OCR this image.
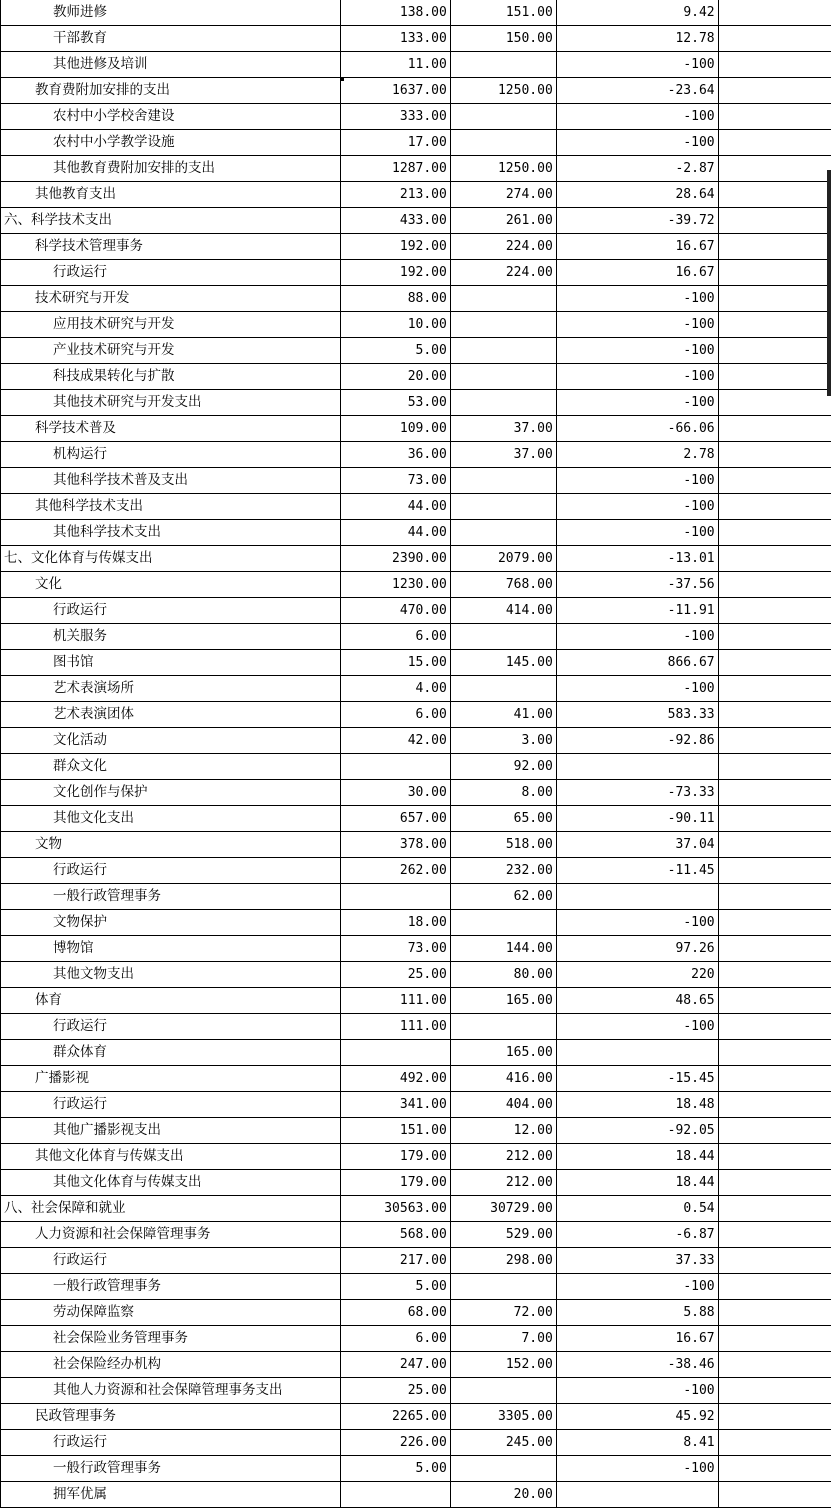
教师进修	138.00	151.00	9.42	
干部教育	133.00	150.00	12.78	
其他进修及培训	11.00		-100	
教育费附加安排的支出	1637.00	1250.00	-23.64	
农村中小学校舍建设	333.00		-100	
农村中小学教学设施	17.00		-100	
其他教育费附加安排的支出	1287.00	1250.00	-2.87	
其他教育支出	213.00	274.00	28.64	
六、科学技术支出	433.00	261.00	-39.72	
科学技术管理事务	192.00	224.00	16.67	
行政运行	192.00	224.00	16.67	
技术研究与开发	88.00		-100	
应用技术研究与开发	10.00		-100	
产业技术研究与开发	5.00		-100	
科技成果转化与扩散	20.00		-100	
其他技术研究与开发支出	53.00		-100	
科学技术普及	109.00	37.00	-66.06	
机构运行	36.00	37.00	2.78	
其他科学技术普及支出	73.00		-100	
其他科学技术支出	44.00		-100	
其他科学技术支出	44.00		-100	
七、文化体育与传媒支出	2390.00	2079.00	-13.01	
文化	1230.00	768.00	-37.56	
行政运行	470.00	414.00	-11.91	
机关服务	6.00		-100	
图书馆	15.00	145.00	866.67	
艺术表演场所	4.00		-100	
艺术表演团体	6.00	41.00	583.33	
文化活动	42.00	3.00	-92.86	
群众文化		92.00		
文化创作与保护	30.00	8.00	-73.33	
其他文化支出	657.00	65.00	-90.11	
文物	378.00	518.00	37.04	
行政运行	262.00	232.00	-11.45	
一般行政管理事务		62.00		
文物保护	18.00		-100	
博物馆	73.00	144.00	97.26	
其他文物支出	25.00	80.00	220	
体育	111.00	165.00	48.65	
行政运行	111.00		-100	
群众体育		165.00		
广播影视	492.00	416.00	-15.45	
行政运行	341.00	404.00	18.48	
其他广播影视支出	151.00	12.00	-92.05	
其他文化体育与传媒支出	179.00	212.00	18.44	
其他文化体育与传媒支出	179.00	212.00	18.44	
八、社会保障和就业	30563.00	30729.00	0.54	
人力资源和社会保障管理事务	568.00	529.00	-6.87	
行政运行	217.00	298.00	37.33	
一般行政管理事务	5.00		-100	
劳动保障监察	68.00	72.00	5.88	
社会保险业务管理事务	6.00	7.00	16.67	
社会保险经办机构	247.00	152.00	-38.46	
其他人力资源和社会保障管理事务支出	25.00		-100	
民政管理事务	2265.00	3305.00	45.92	
行政运行	226.00	245.00	8.41	
一般行政管理事务	5.00		-100	
拥军优属		20.00		
